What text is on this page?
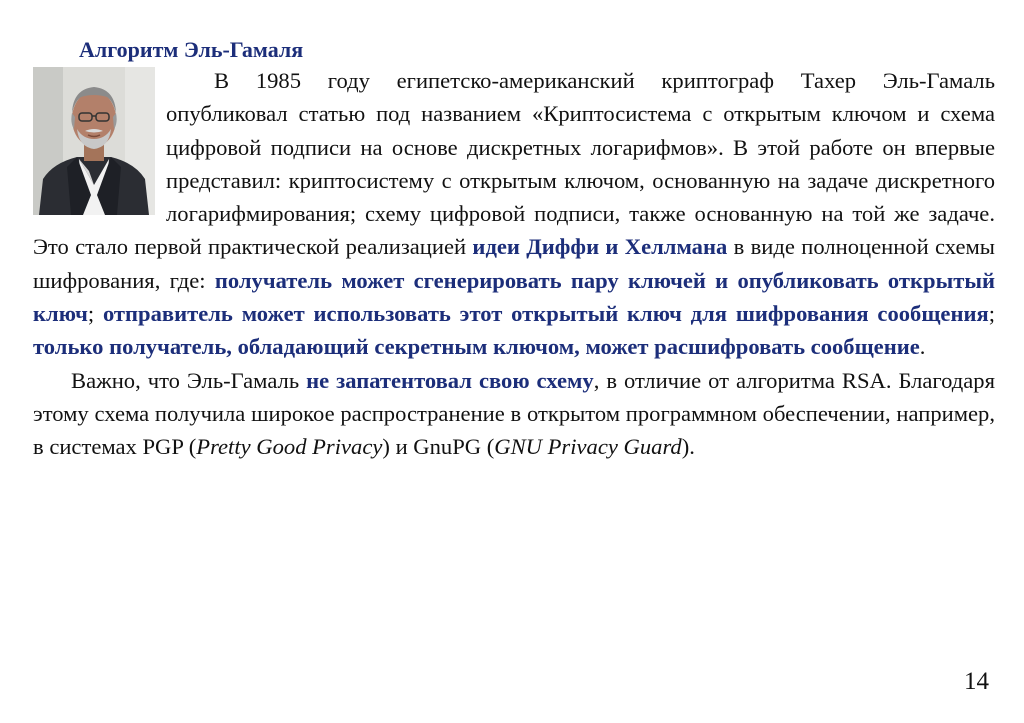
Алгоритм Эль-Гамаля

В 1985 году египетско-американский криптограф Тахер Эль-Гамаль опубликовал статью под названием «Криптосистема с открытым ключом и схема цифровой подписи на основе дискретных логарифмов». В этой работе он впервые представил: криптосистему с открытым ключом, основанную на задаче дискретного логарифмирования; схему цифровой подписи, также основанную на той же задаче. Это стало первой практической реализацией идеи Диффи и Хеллмана в виде полноценной схемы шифрования, где: получатель может сгенерировать пару ключей и опубликовать открытый ключ; отправитель может использовать этот открытый ключ для шифрования сообщения; только получатель, обладающий секретным ключом, может расшифровать сообщение.

Важно, что Эль-Гамаль не запатентовал свою схему, в отличие от алгоритма RSA. Благодаря этому схема получила широкое распространение в открытом программном обеспечении, например, в системах PGP (Pretty Good Privacy) и GnuPG (GNU Privacy Guard).

14
